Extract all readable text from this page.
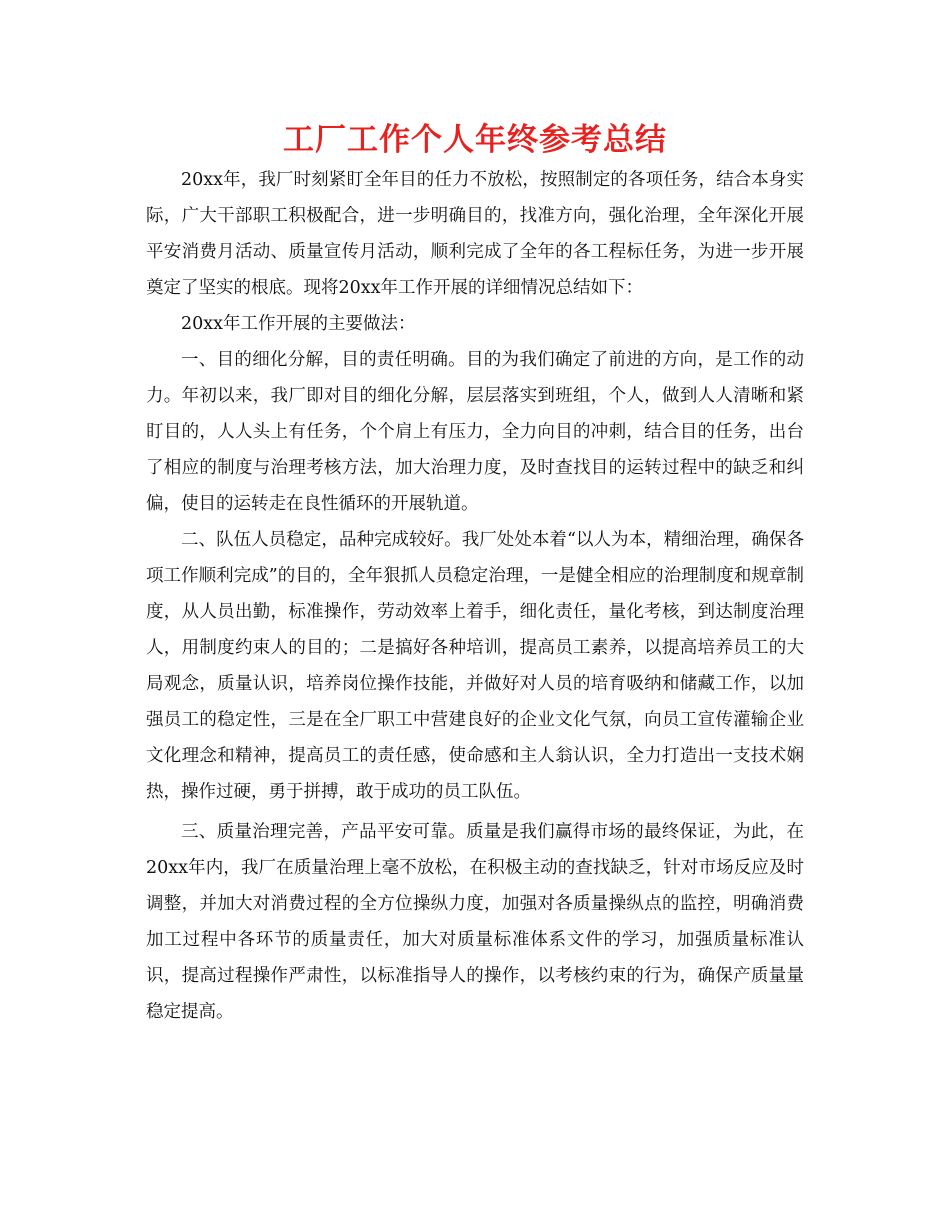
工厂工作个人年终参考总结

20xx年，我厂时刻紧盯全年目的任力不放松，按照制定的各项任务，结合本身实际，广大干部职工积极配合，进一步明确目的，找准方向，强化治理，全年深化开展平安消费月活动、质量宣传月活动，顺利完成了全年的各工程标任务，为进一步开展奠定了坚实的根底。现将20xx年工作开展的详细情况总结如下：

20xx年工作开展的主要做法：

一、目的细化分解，目的责任明确。目的为我们确定了前进的方向，是工作的动力。年初以来，我厂即对目的细化分解，层层落实到班组，个人，做到人人清晰和紧盯目的，人人头上有任务，个个肩上有压力，全力向目的冲刺，结合目的任务，出台了相应的制度与治理考核方法，加大治理力度，及时查找目的运转过程中的缺乏和纠偏，使目的运转走在良性循环的开展轨道。

二、队伍人员稳定，品种完成较好。我厂处处本着“以人为本，精细治理，确保各项工作顺利完成”的目的，全年狠抓人员稳定治理，一是健全相应的治理制度和规章制度，从人员出勤，标准操作，劳动效率上着手，细化责任，量化考核，到达制度治理人，用制度约束人的目的；二是搞好各种培训，提高员工素养，以提高培养员工的大局观念，质量认识，培养岗位操作技能，并做好对人员的培育吸纳和储藏工作，以加强员工的稳定性，三是在全厂职工中营建良好的企业文化气氛，向员工宣传灌输企业文化理念和精神，提高员工的责任感，使命感和主人翁认识，全力打造出一支技术娴热，操作过硬，勇于拼搏，敢于成功的员工队伍。

三、质量治理完善，产品平安可靠。质量是我们赢得市场的最终保证，为此，在20xx年内，我厂在质量治理上毫不放松，在积极主动的查找缺乏，针对市场反应及时调整，并加大对消费过程的全方位操纵力度，加强对各质量操纵点的监控，明确消费加工过程中各环节的质量责任，加大对质量标准体系文件的学习，加强质量标准认识，提高过程操作严肃性，以标准指导人的操作，以考核约束的行为，确保产质量量稳定提高。
